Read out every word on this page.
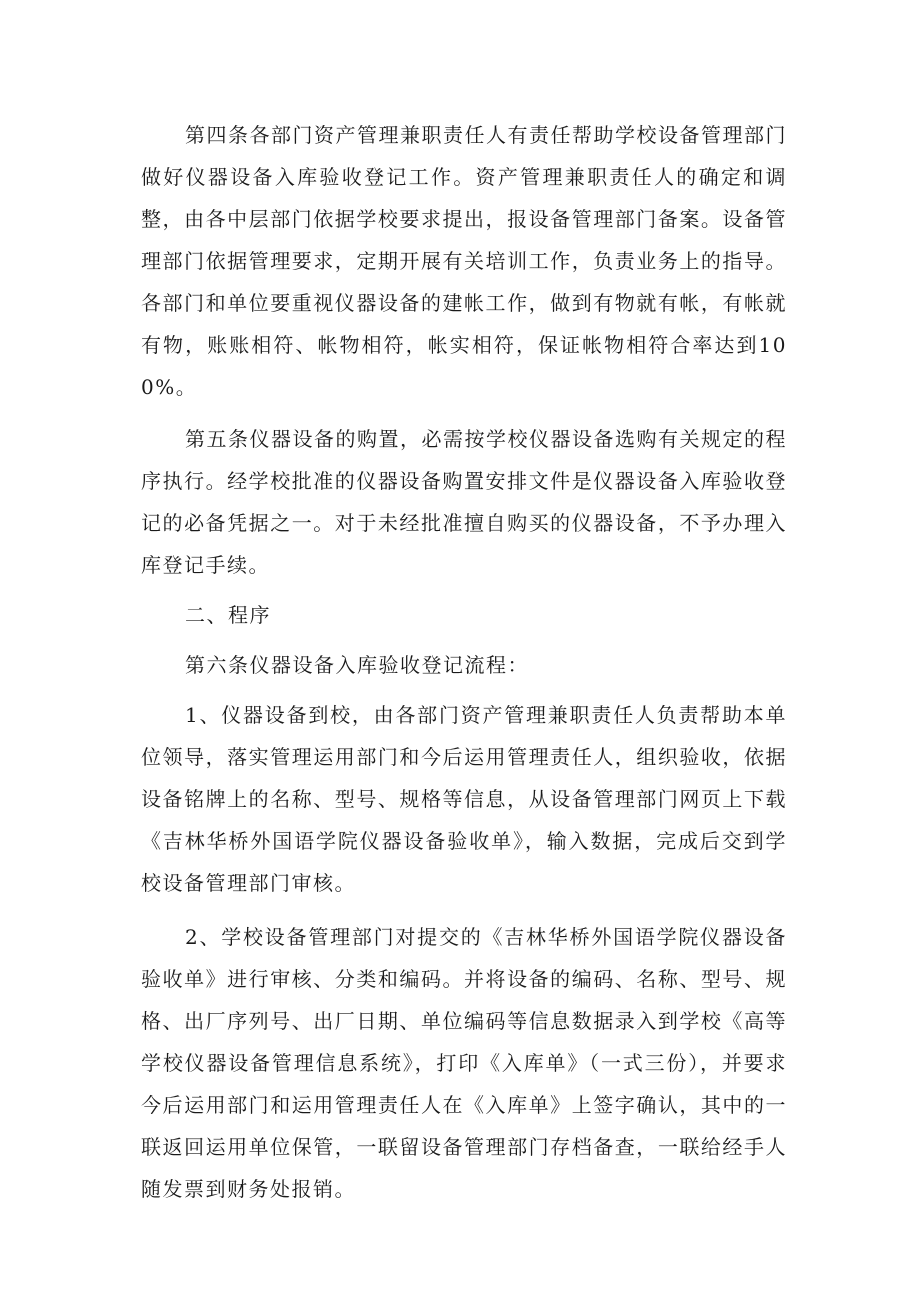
第四条各部门资产管理兼职责任人有责任帮助学校设备管理部门做好仪器设备入库验收登记工作。资产管理兼职责任人的确定和调整，由各中层部门依据学校要求提出，报设备管理部门备案。设备管理部门依据管理要求，定期开展有关培训工作，负责业务上的指导。各部门和单位要重视仪器设备的建帐工作，做到有物就有帐，有帐就有物，账账相符、帐物相符，帐实相符，保证帐物相符合率达到100%。

第五条仪器设备的购置，必需按学校仪器设备选购有关规定的程序执行。经学校批准的仪器设备购置安排文件是仪器设备入库验收登记的必备凭据之一。对于未经批准擅自购买的仪器设备，不予办理入库登记手续。

二、程序

第六条仪器设备入库验收登记流程：

1、仪器设备到校，由各部门资产管理兼职责任人负责帮助本单位领导，落实管理运用部门和今后运用管理责任人，组织验收，依据设备铭牌上的名称、型号、规格等信息，从设备管理部门网页上下载《吉林华桥外国语学院仪器设备验收单》，输入数据，完成后交到学校设备管理部门审核。

2、学校设备管理部门对提交的《吉林华桥外国语学院仪器设备验收单》进行审核、分类和编码。并将设备的编码、名称、型号、规格、出厂序列号、出厂日期、单位编码等信息数据录入到学校《高等学校仪器设备管理信息系统》，打印《入库单》（一式三份），并要求今后运用部门和运用管理责任人在《入库单》上签字确认，其中的一联返回运用单位保管，一联留设备管理部门存档备查，一联给经手人随发票到财务处报销。
